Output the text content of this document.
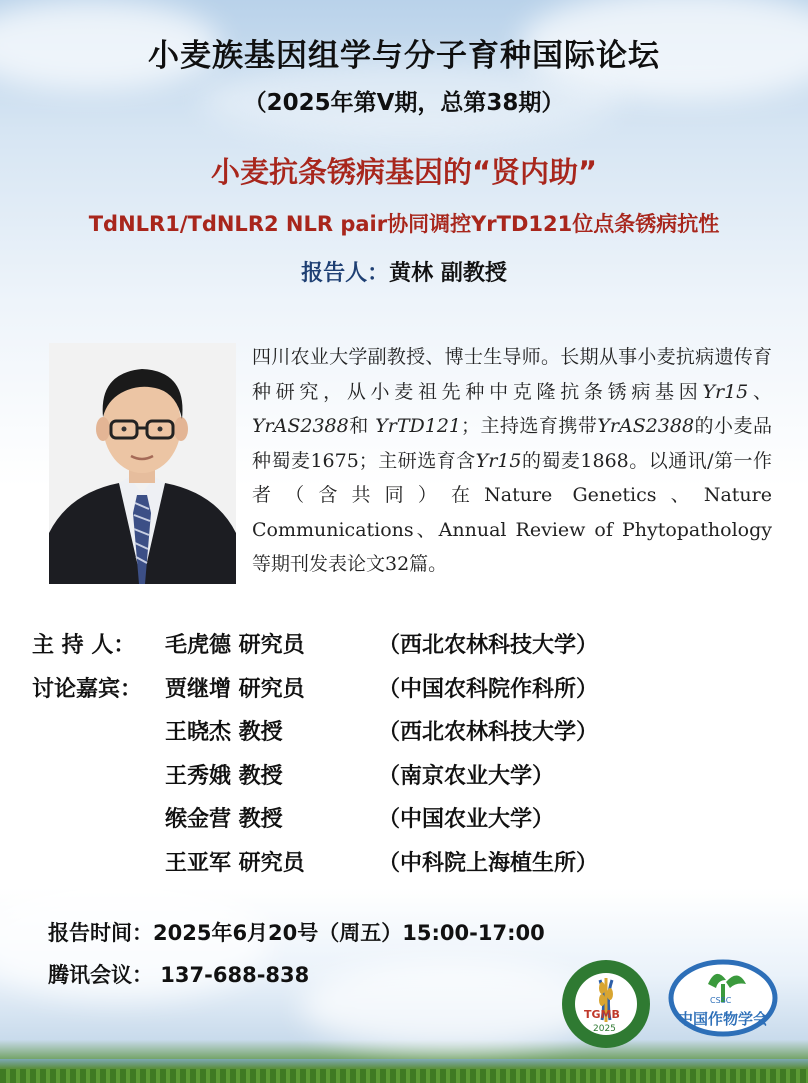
小麦族基因组学与分子育种国际论坛
（2025年第V期，总第38期）
小麦抗条锈病基因的“贤内助”
TdNLR1/TdNLR2 NLR pair协同调控YrTD121位点条锈病抗性
报告人：黄林 副教授
四川农业大学副教授、博士生导师。长期从事小麦抗病遗传育种研究，从小麦祖先种中克隆抗条锈病基因Yr15、YrAS2388和 YrTD121；主持选育携带YrAS2388的小麦品种蜀麦1675；主研选育含Yr15的蜀麦1868。以通讯/第一作者（含共同）在Nature Genetics、Nature Communications、Annual Review of Phytopathology等期刊发表论文32篇。
主 持 人： 毛虎德 研究员	（西北农林科技大学）
讨论嘉宾： 贾继增 研究员	（中国农科院作科所）
王晓杰 教授	（西北农林科技大学）
王秀娥 教授	（南京农业大学）
缑金营 教授	（中国农业大学）
王亚军 研究员	（中科院上海植生所）
报告时间：2025年6月20号（周五）15:00-17:00
腾讯会议： 137-688-838
TGMB
2025
CSSC
中国作物学会
